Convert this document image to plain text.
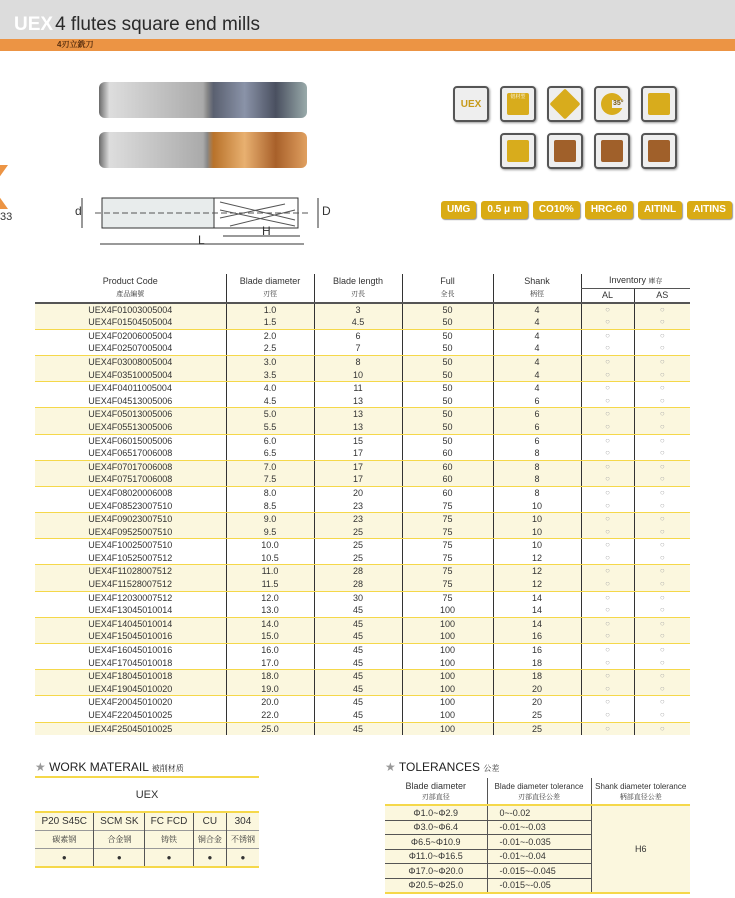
UEX 4 flutes square end mills
4刃立銑刀
33	d	D
H
L
UEX
铝材型
35°
UMG	0.5 μ m	CO10%	HRC-60	AITINL	AITINS
Product Code
產品編號	Blade diameter
刃徑	Blade length
刃長	Full
全長	Shank
柄徑	Inventory 庫存	
					AL	AS
UEX4F01003005004	1.0	3	50	4	○	○
UEX4F01504505004	1.5	4.5	50	4	○	○
UEX4F02006005004	2.0	6	50	4	○	○
UEX4F02507005004	2.5	7	50	4	○	○
UEX4F03008005004	3.0	8	50	4	○	○
UEX4F03510005004	3.5	10	50	4	○	○
UEX4F04011005004	4.0	11	50	4	○	○
UEX4F04513005006	4.5	13	50	6	○	○
UEX4F05013005006	5.0	13	50	6	○	○
UEX4F05513005006	5.5	13	50	6	○	○
UEX4F06015005006	6.0	15	50	6	○	○
UEX4F06517006008	6.5	17	60	8	○	○
UEX4F07017006008	7.0	17	60	8	○	○
UEX4F07517006008	7.5	17	60	8	○	○
UEX4F08020006008	8.0	20	60	8	○	○
UEX4F08523007510	8.5	23	75	10	○	○
UEX4F09023007510	9.0	23	75	10	○	○
UEX4F09525007510	9.5	25	75	10	○	○
UEX4F10025007510	10.0	25	75	10	○	○
UEX4F10525007512	10.5	25	75	12	○	○
UEX4F11028007512	11.0	28	75	12	○	○
UEX4F11528007512	11.5	28	75	12	○	○
UEX4F12030007512	12.0	30	75	14	○	○
UEX4F13045010014	13.0	45	100	14	○	○
UEX4F14045010014	14.0	45	100	14	○	○
UEX4F15045010016	15.0	45	100	16	○	○
UEX4F16045010016	16.0	45	100	16	○	○
UEX4F17045010018	17.0	45	100	18	○	○
UEX4F18045010018	18.0	45	100	18	○	○
UEX4F19045010020	19.0	45	100	20	○	○
UEX4F20045010020	20.0	45	100	20	○	○
UEX4F22045010025	22.0	45	100	25	○	○
UEX4F25045010025	25.0	45	100	25	○	○
★ WORK MATERAIL 被削材质
UEX
P20 S45C	SCM SK	FC FCD	CU	304
碳素钢	合金钢	铸铁	铜合金	不锈钢
●	●	●	●	●
★ TOLERANCES 公差
Blade diameter
刃部直径	Blade diameter tolerance
刃部直径公差	Shank diameter tolerance
柄部直径公差
Φ1.0~Φ2.9	0~-0.02	H6
Φ3.0~Φ6.4	-0.01~-0.03	
Φ6.5~Φ10.9	-0.01~-0.035	
Φ11.0~Φ16.5	-0.01~-0.04	
Φ17.0~Φ20.0	-0.015~-0.045	
Φ20.5~Φ25.0	-0.015~-0.05	
